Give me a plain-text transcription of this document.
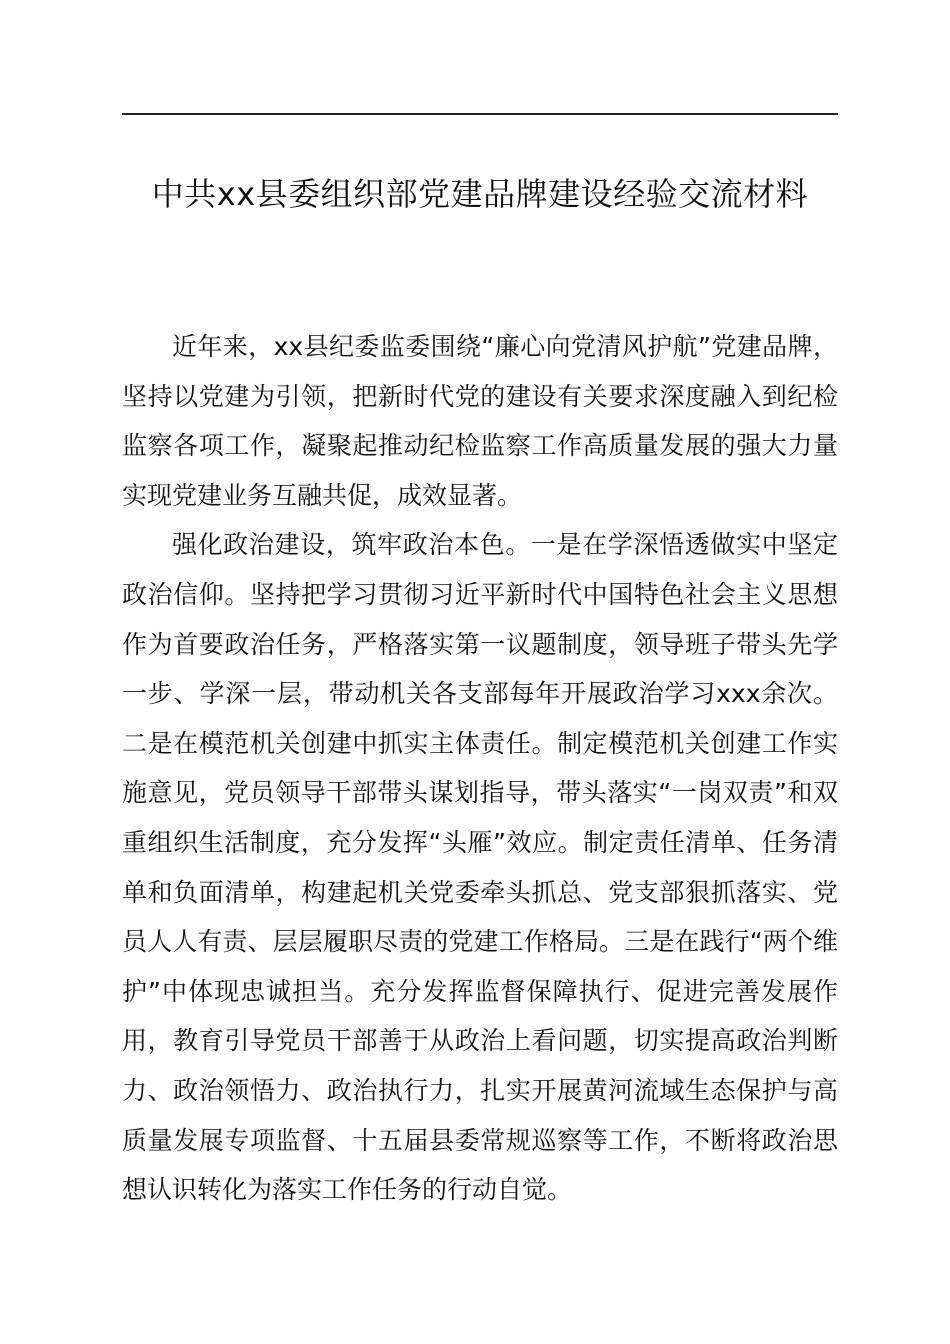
中共xx县委组织部党建品牌建设经验交流材料

近年来，xx县纪委监委围绕“廉心向党清风护航”党建品牌，坚持以党建为引领，把新时代党的建设有关要求深度融入到纪检监察各项工作，凝聚起推动纪检监察工作高质量发展的强大力量实现党建业务互融共促，成效显著。

强化政治建设，筑牢政治本色。一是在学深悟透做实中坚定政治信仰。坚持把学习贯彻习近平新时代中国特色社会主义思想作为首要政治任务，严格落实第一议题制度，领导班子带头先学一步、学深一层，带动机关各支部每年开展政治学习xxx余次。二是在模范机关创建中抓实主体责任。制定模范机关创建工作实施意见，党员领导干部带头谋划指导，带头落实“一岗双责”和双重组织生活制度，充分发挥“头雁”效应。制定责任清单、任务清单和负面清单，构建起机关党委牵头抓总、党支部狠抓落实、党员人人有责、层层履职尽责的党建工作格局。三是在践行“两个维护”中体现忠诚担当。充分发挥监督保障执行、促进完善发展作用，教育引导党员干部善于从政治上看问题，切实提高政治判断力、政治领悟力、政治执行力，扎实开展黄河流域生态保护与高质量发展专项监督、十五届县委常规巡察等工作，不断将政治思想认识转化为落实工作任务的行动自觉。
